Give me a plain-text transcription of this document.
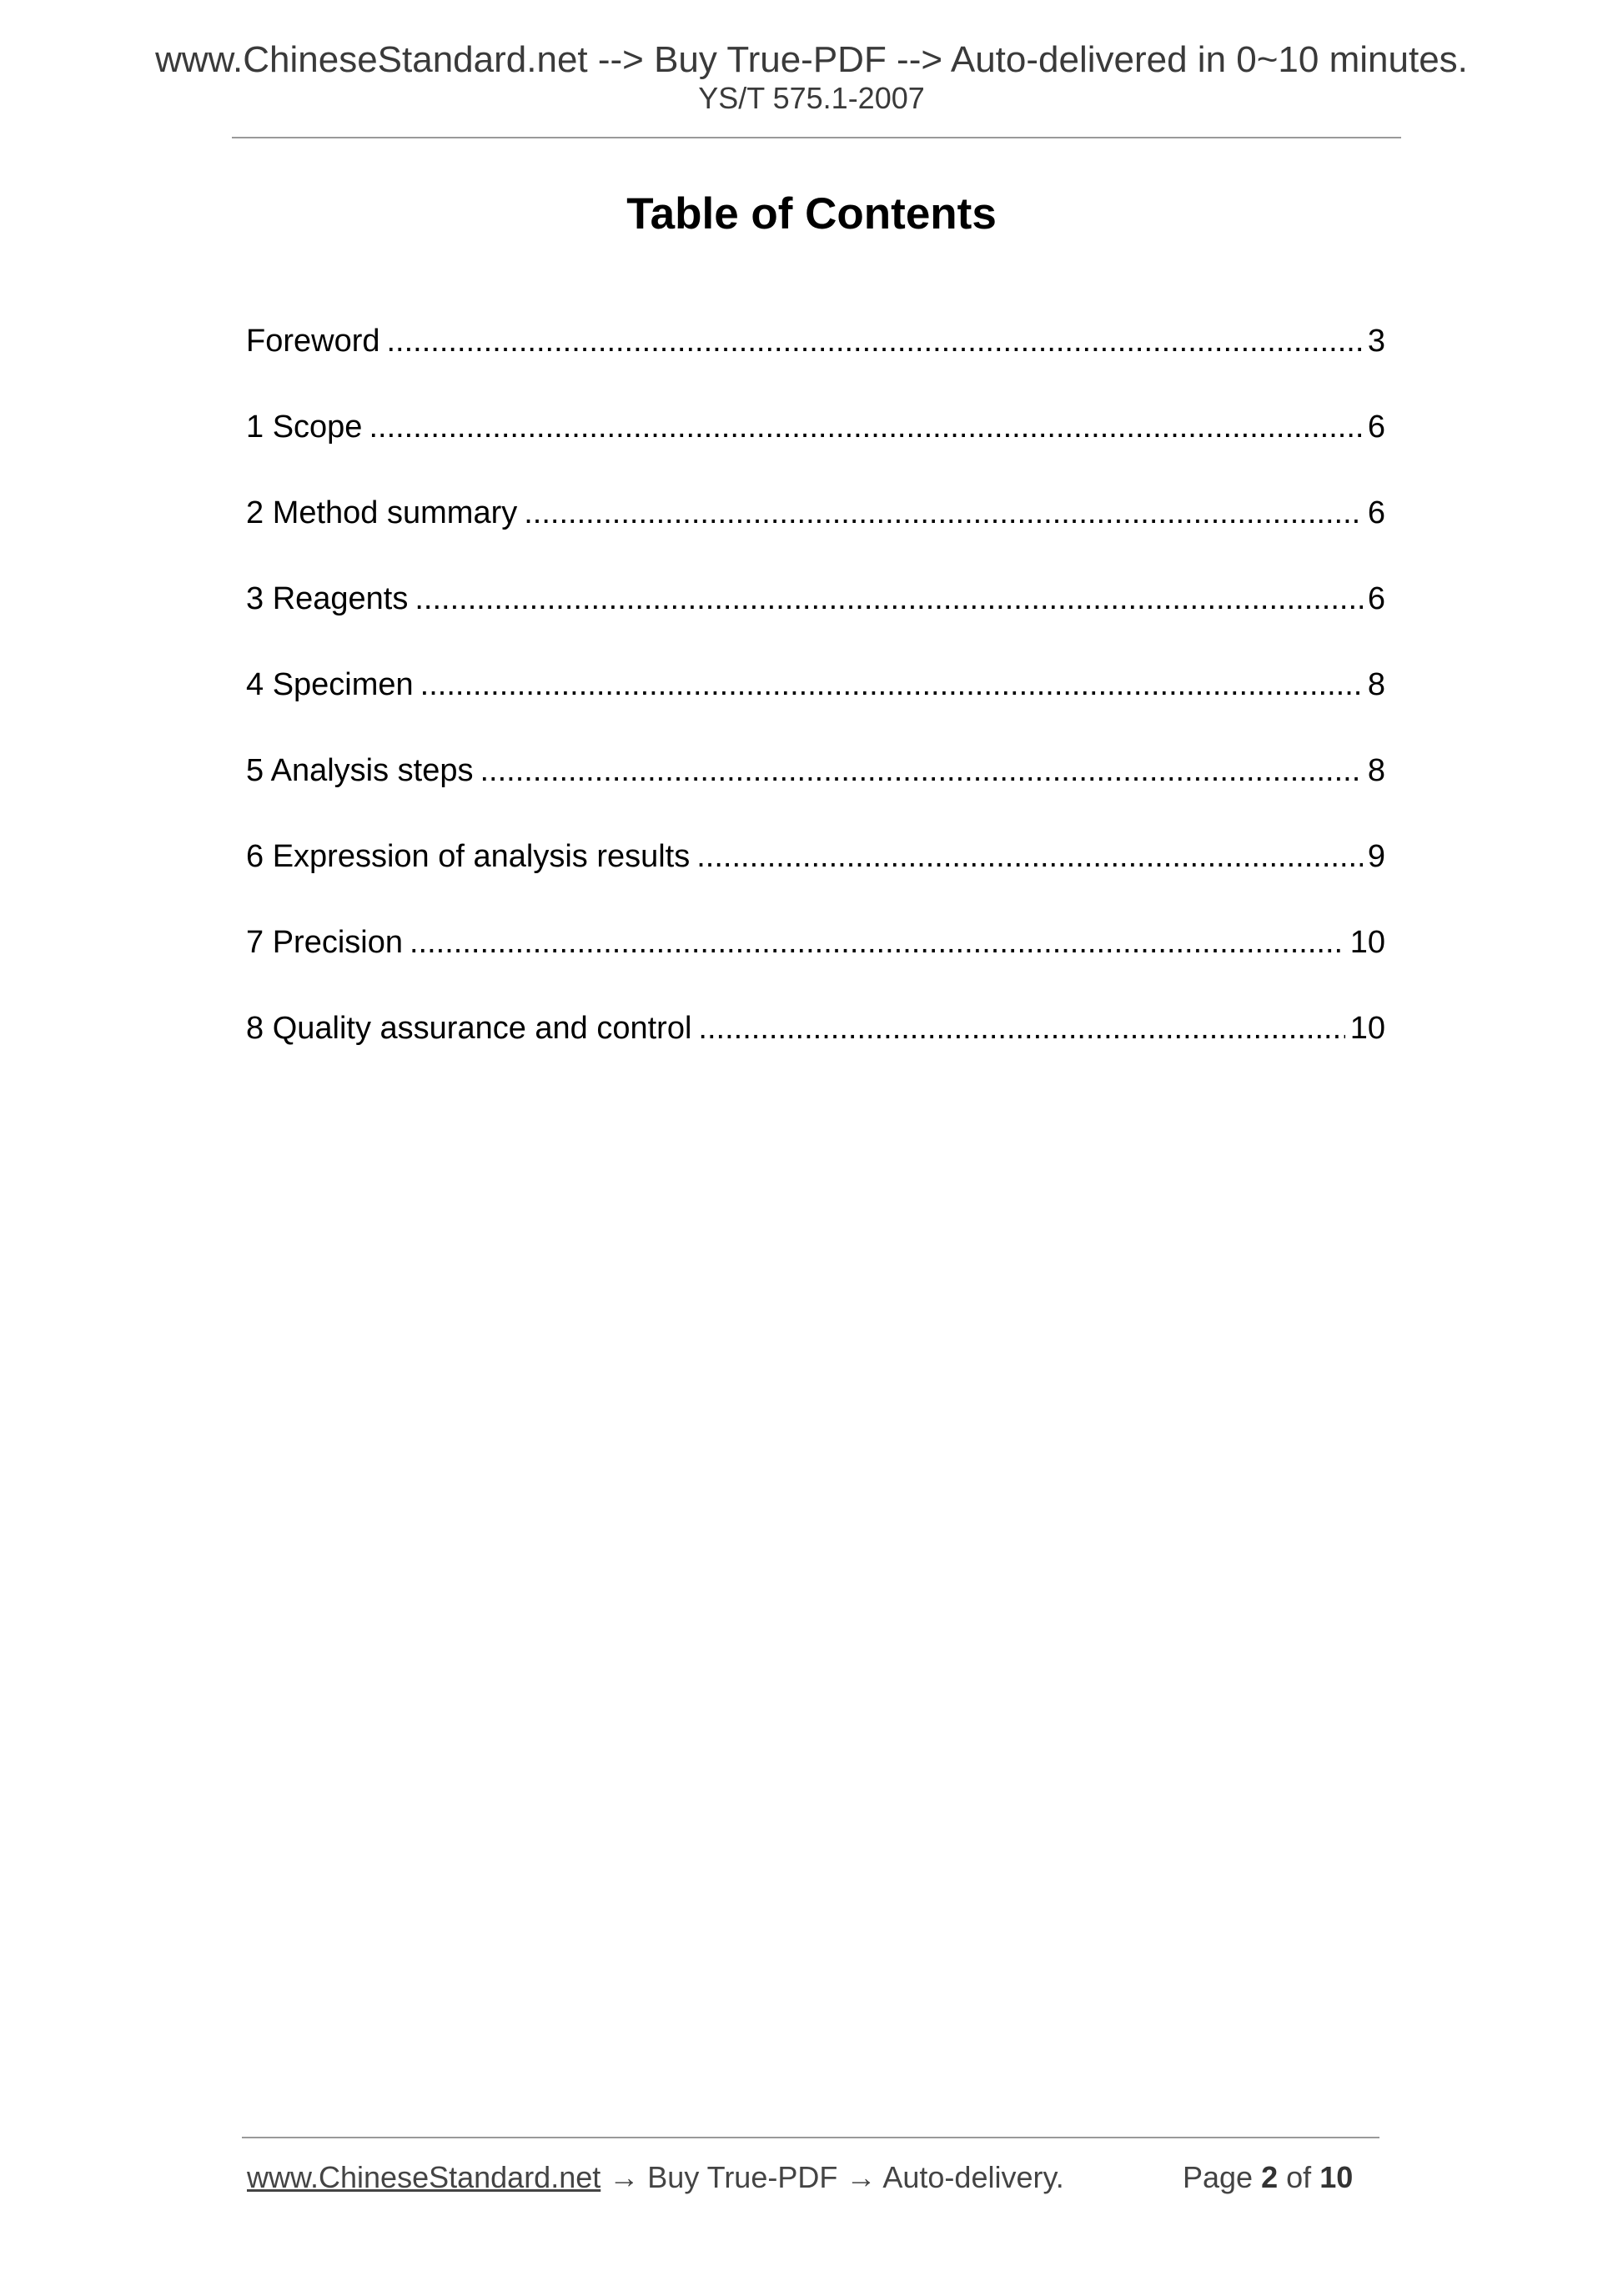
www.ChineseStandard.net --> Buy True-PDF --> Auto-delivered in 0~10 minutes.
YS/T 575.1-2007
Table of Contents
Foreword .....	3
1 Scope .....	6
2 Method summary .....	6
3 Reagents .....	6
4 Specimen .....	8
5 Analysis steps .....	8
6 Expression of analysis results .....	9
7 Precision .....	10
8 Quality assurance and control .....	10
www.ChineseStandard.net → Buy True-PDF → Auto-delivery.	Page 2 of 10
